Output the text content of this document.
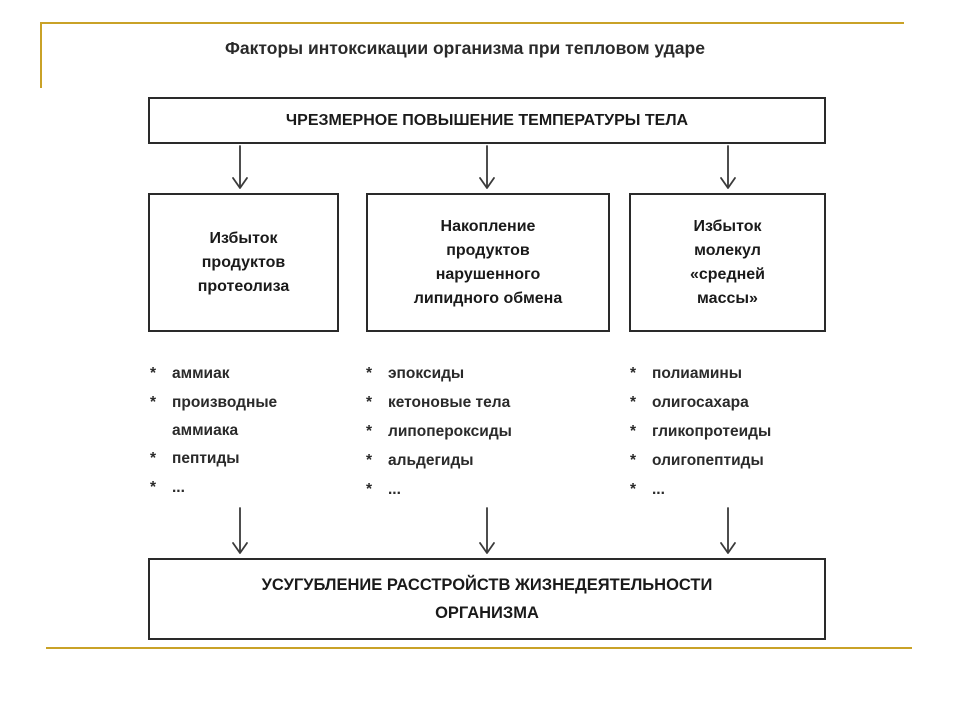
Факторы интоксикации организма при тепловом ударе
ЧРЕЗМЕРНОЕ ПОВЫШЕНИЕ ТЕМПЕРАТУРЫ ТЕЛА
Избыток
продуктов
протеолиза
Накопление
продуктов
нарушенного
липидного обмена
Избыток
молекул
«средней
массы»
* аммиак
* производные
аммиака
* пептиды
* ...
* эпоксиды
* кетоновые тела
* липопероксиды
* альдегиды
* ...
* полиамины
* олигосахара
* гликопротеиды
* олигопептиды
* ...
УСУГУБЛЕНИЕ РАССТРОЙСТВ ЖИЗНЕДЕЯТЕЛЬНОСТИ
ОРГАНИЗМА
